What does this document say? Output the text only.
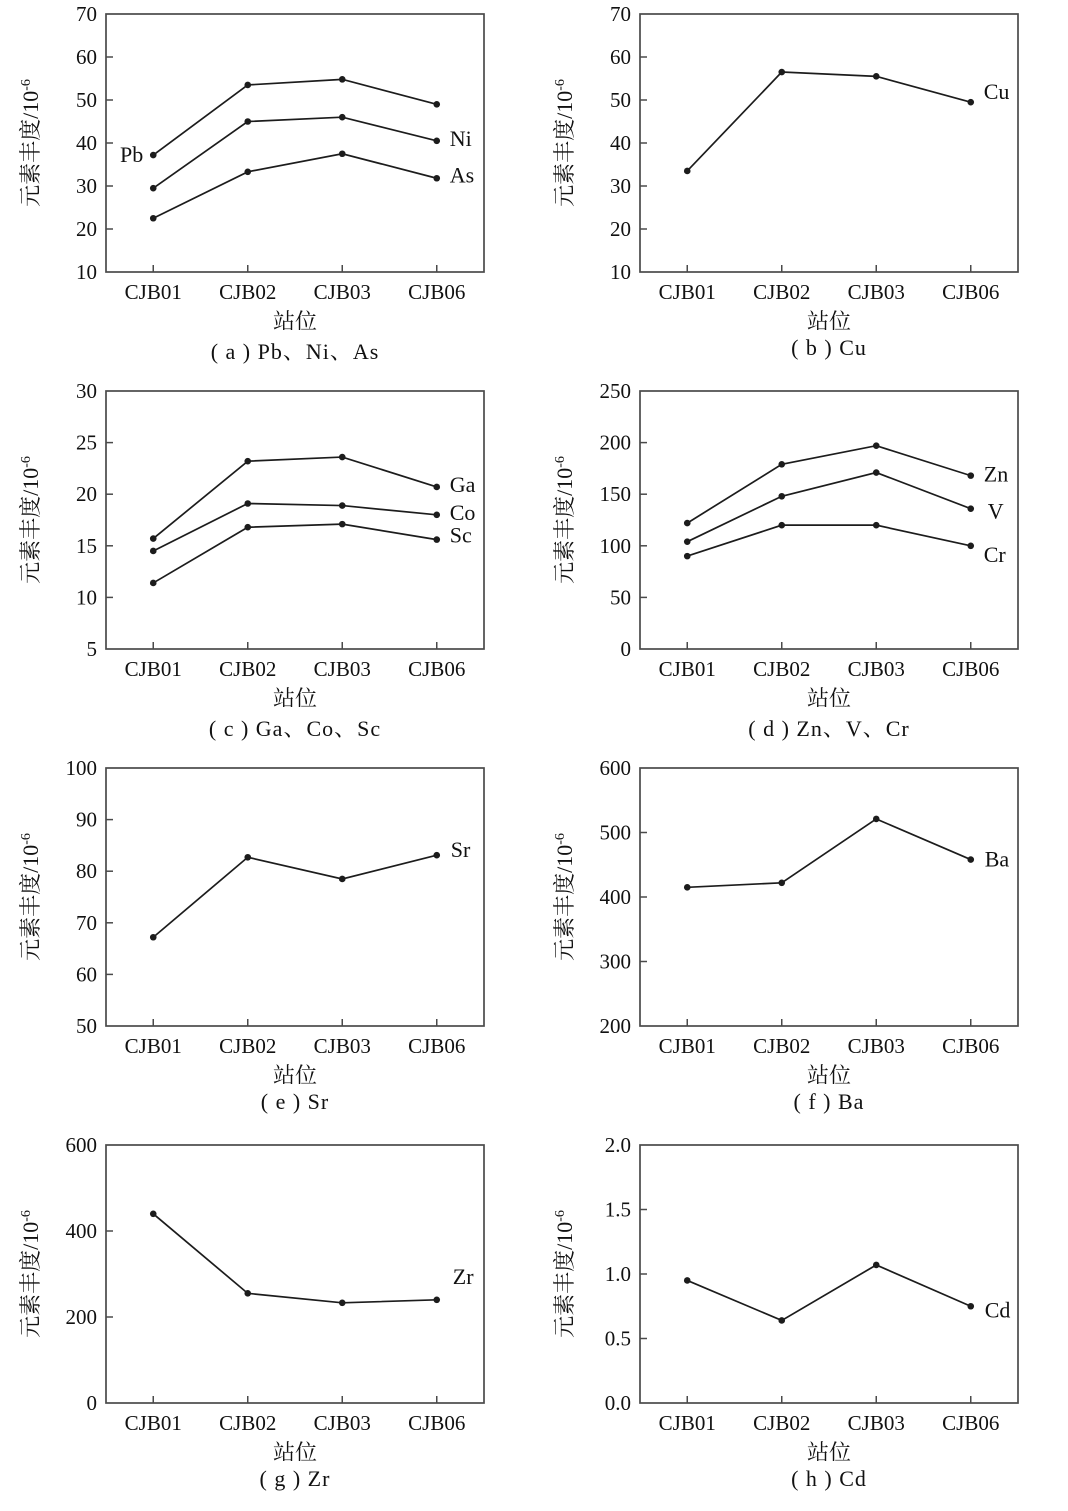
10
20
30
40
50
60
70
CJB01 CJB02 CJB03 CJB06
站位
元素丰度$/10^{-6}$
Pb
Ni
As
( a ) Pb、Ni、As
10
20
30
40
50
60
70
CJB01 CJB02 CJB03 CJB06
站位
元素丰度$/10^{-6}$	Cu
( b ) Cu
5
10
15
20
25
30
CJB01 CJB02 CJB03 CJB06
站位
元素丰度$/10^{-6}$
Ga
Co
Sc
( c ) Ga、Co、Sc
0
50
100
150
200
250
CJB01 CJB02 CJB03 CJB06
站位
元素丰度$/10^{-6}$	Zn
V
Cr
( d ) Zn、V、Cr
50
60
70
80
90
100
CJB01 CJB02 CJB03 CJB06
站位
元素丰度$/10^{-6}$	Sr
( e ) Sr
200
300
400
500
600
CJB01 CJB02 CJB03 CJB06
站位
元素丰度$/10^{-6}$
Ba
( f ) Ba
0
200
400
600
CJB01 CJB02 CJB03 CJB06
站位
元素丰度$/10^{-6}$
Zr
( g ) Zr
0.0
0.5
1.0
1.5
2.0
CJB01 CJB02 CJB03 CJB06
站位
元素丰度$/10^{-6}$
Cd
( h ) Cd
